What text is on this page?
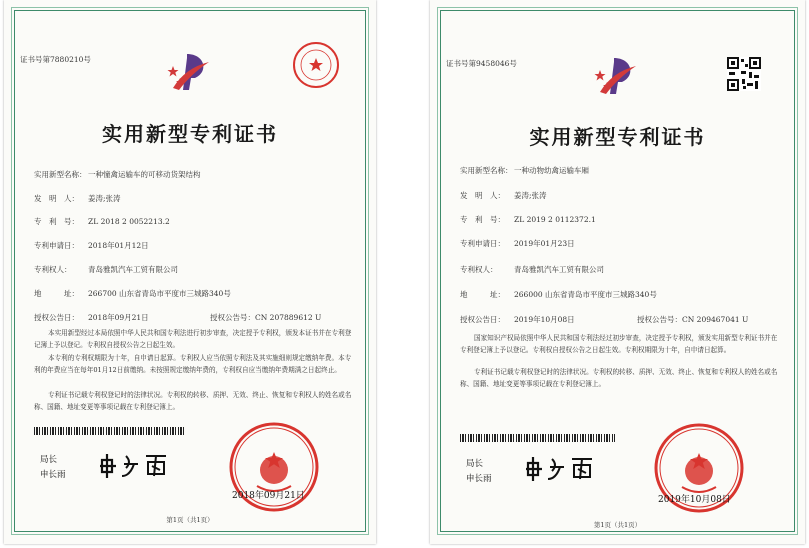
证书号第7880210号
实用新型专利证书
实用新型名称： 一种憧禽运输车的可移动货架结构
发　明　人： 姜涛;张涛
专　利　号： ZL 2018 2 0052213.2
专利申请日： 2018年01月12日
专利权人： 青岛雅凯汽车工贸有限公司
地　　　址： 266700 山东省青岛市平度市三城路340号
授权公告日： 2018年09月21日	授权公告号：CN 207889612 U
本实用新型经过本局依照中华人民共和国专利法进行初步审查，决定授予专利权，颁发本证书并在专利登记簿上予以登记。专利权自授权公告之日起生效。
本专利的专利权期限为十年，自申请日起算。专利权人应当依照专利法及其实施细则规定缴纳年费。本专利的年费应当在每年01月12日前缴纳。未按照规定缴纳年费的，专利权自应当缴纳年费期满之日起终止。
专利证书记载专利权登记时的法律状况。专利权的转移、质押、无效、终止、恢复和专利权人的姓名或名称、国籍、地址变更等事项记载在专利登记簿上。
局长
申长雨
2018年09月21日
第1页（共1页）
证书号第9458046号
实用新型专利证书
实用新型名称： 一种动物幼禽运输车厢
发　明　人： 姜涛;张涛
专　利　号： ZL 2019 2 0112372.1
专利申请日： 2019年01月23日
专利权人： 青岛雅凯汽车工贸有限公司
地　　　址： 266000 山东省青岛市平度市三城路340号
授权公告日： 2019年10月08日	授权公告号：CN 209467041 U
国家知识产权局依照中华人民共和国专利法经过初步审查，决定授予专利权，颁发实用新型专利证书并在专利登记簿上予以登记。专利权自授权公告之日起生效。专利权期限为十年，自申请日起算。
专利证书记载专利权登记时的法律状况。专利权的转移、质押、无效、终止、恢复和专利权人的姓名或名称、国籍、地址变更等事项记载在专利登记簿上。
局长
申长雨
2019年10月08日
第1页（共1页）
